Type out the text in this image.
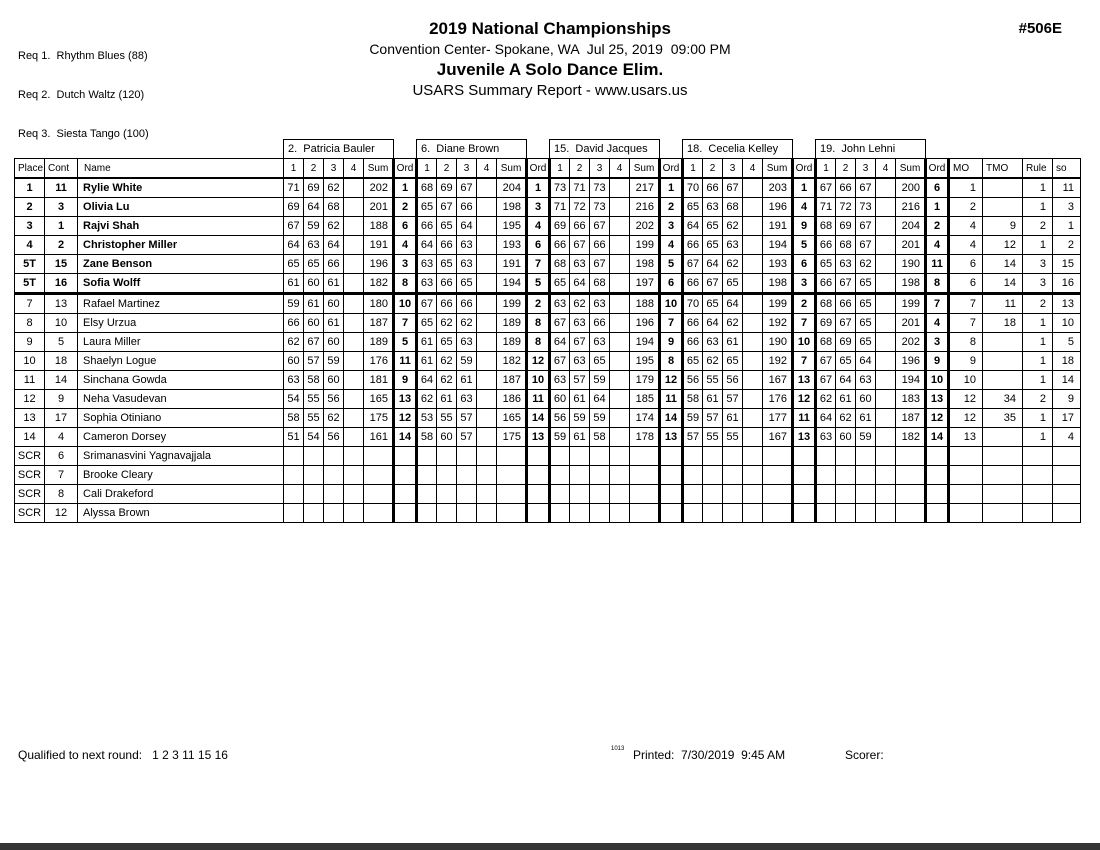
Req 1.  Rhythm Blues (88)

Req 2.  Dutch Waltz (120)

Req 3.  Siesta Tango (100)

2019 National Championships
Convention Center- Spokane, WA  Jul 25, 2019  09:00 PM
Juvenile A Solo Dance Elim.
USARS Summary Report - www.usars.us
#506E
			2.  Patricia Bauler						6.  Diane Brown						15.  David Jacques						18.  Cecelia Kelley						19.  John Lehni									
Place	Cont	Name	1	2	3	4	Sum	Ord	1	2	3	4	Sum	Ord	1	2	3	4	Sum	Ord	1	2	3	4	Sum	Ord	1	2	3	4	Sum	Ord	MO	TMO	Rule	so
1	11	Rylie White	71	69	62		202	1	68	69	67		204	1	73	71	73		217	1	70	66	67		203	1	67	66	67		200	6	1		1	11
2	3	Olivia Lu	69	64	68		201	2	65	67	66		198	3	71	72	73		216	2	65	63	68		196	4	71	72	73		216	1	2		1	3
3	1	Rajvi Shah	67	59	62		188	6	66	65	64		195	4	69	66	67		202	3	64	65	62		191	9	68	69	67		204	2	4	9	2	1
4	2	Christopher Miller	64	63	64		191	4	64	66	63		193	6	66	67	66		199	4	66	65	63		194	5	66	68	67		201	4	4	12	1	2
5T	15	Zane Benson	65	65	66		196	3	63	65	63		191	7	68	63	67		198	5	67	64	62		193	6	65	63	62		190	11	6	14	3	15
5T	16	Sofia Wolff	61	60	61		182	8	63	66	65		194	5	65	64	68		197	6	66	67	65		198	3	66	67	65		198	8	6	14	3	16
7	13	Rafael Martinez	59	61	60		180	10	67	66	66		199	2	63	62	63		188	10	70	65	64		199	2	68	66	65		199	7	7	11	2	13
8	10	Elsy Urzua	66	60	61		187	7	65	62	62		189	8	67	63	66		196	7	66	64	62		192	7	69	67	65		201	4	7	18	1	10
9	5	Laura Miller	62	67	60		189	5	61	65	63		189	8	64	67	63		194	9	66	63	61		190	10	68	69	65		202	3	8		1	5
10	18	Shaelyn Logue	60	57	59		176	11	61	62	59		182	12	67	63	65		195	8	65	62	65		192	7	67	65	64		196	9	9		1	18
11	14	Sinchana Gowda	63	58	60		181	9	64	62	61		187	10	63	57	59		179	12	56	55	56		167	13	67	64	63		194	10	10		1	14
12	9	Neha Vasudevan	54	55	56		165	13	62	61	63		186	11	60	61	64		185	11	58	61	57		176	12	62	61	60		183	13	12	34	2	9
13	17	Sophia Otiniano	58	55	62		175	12	53	55	57		165	14	56	59	59		174	14	59	57	61		177	11	64	62	61		187	12	12	35	1	17
14	4	Cameron Dorsey	51	54	56		161	14	58	60	57		175	13	59	61	58		178	13	57	55	55		167	13	63	60	59		182	14	13		1	4
SCR	6	Srimanasvini Yagnavajjala																																		
SCR	7	Brooke Cleary																																		
SCR	8	Cali Drakeford																																		
SCR	12	Alyssa Brown																																		
Qualified to next round:   1 2 3 11 15 16	1013 Printed:  7/30/2019  9:45 AM	Scorer:
